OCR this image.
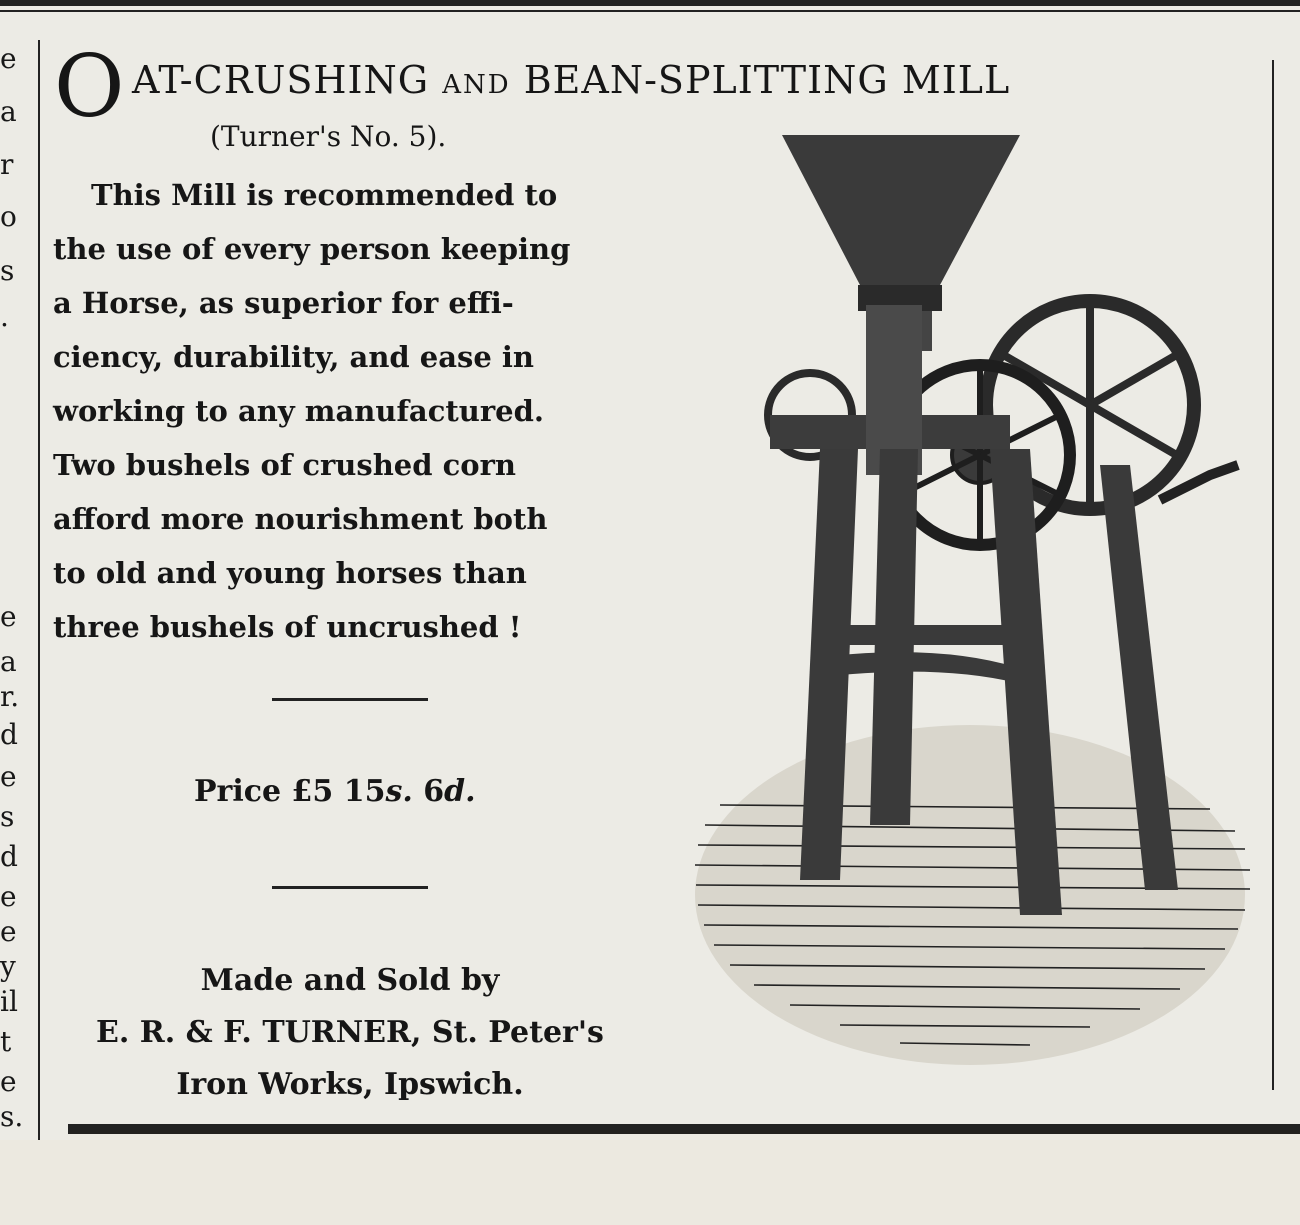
e
a
r
o
s
.
e
a
r.
d
e
s
d
e
e
y
il
t
e
s.
O AT-CRUSHING AND BEAN-SPLITTING MILL
(Turner's No. 5).
This Mill is recommended to
the use of every person keeping
a Horse, as superior for effi-
ciency, durability, and ease in
working to any manufactured.
Two bushels of crushed corn
afford more nourishment both
to old and young horses than
three bushels of uncrushed !
Price £5 15s. 6d.
Made and Sold by
E. R. & F. TURNER, St. Peter's
Iron Works, Ipswich.
